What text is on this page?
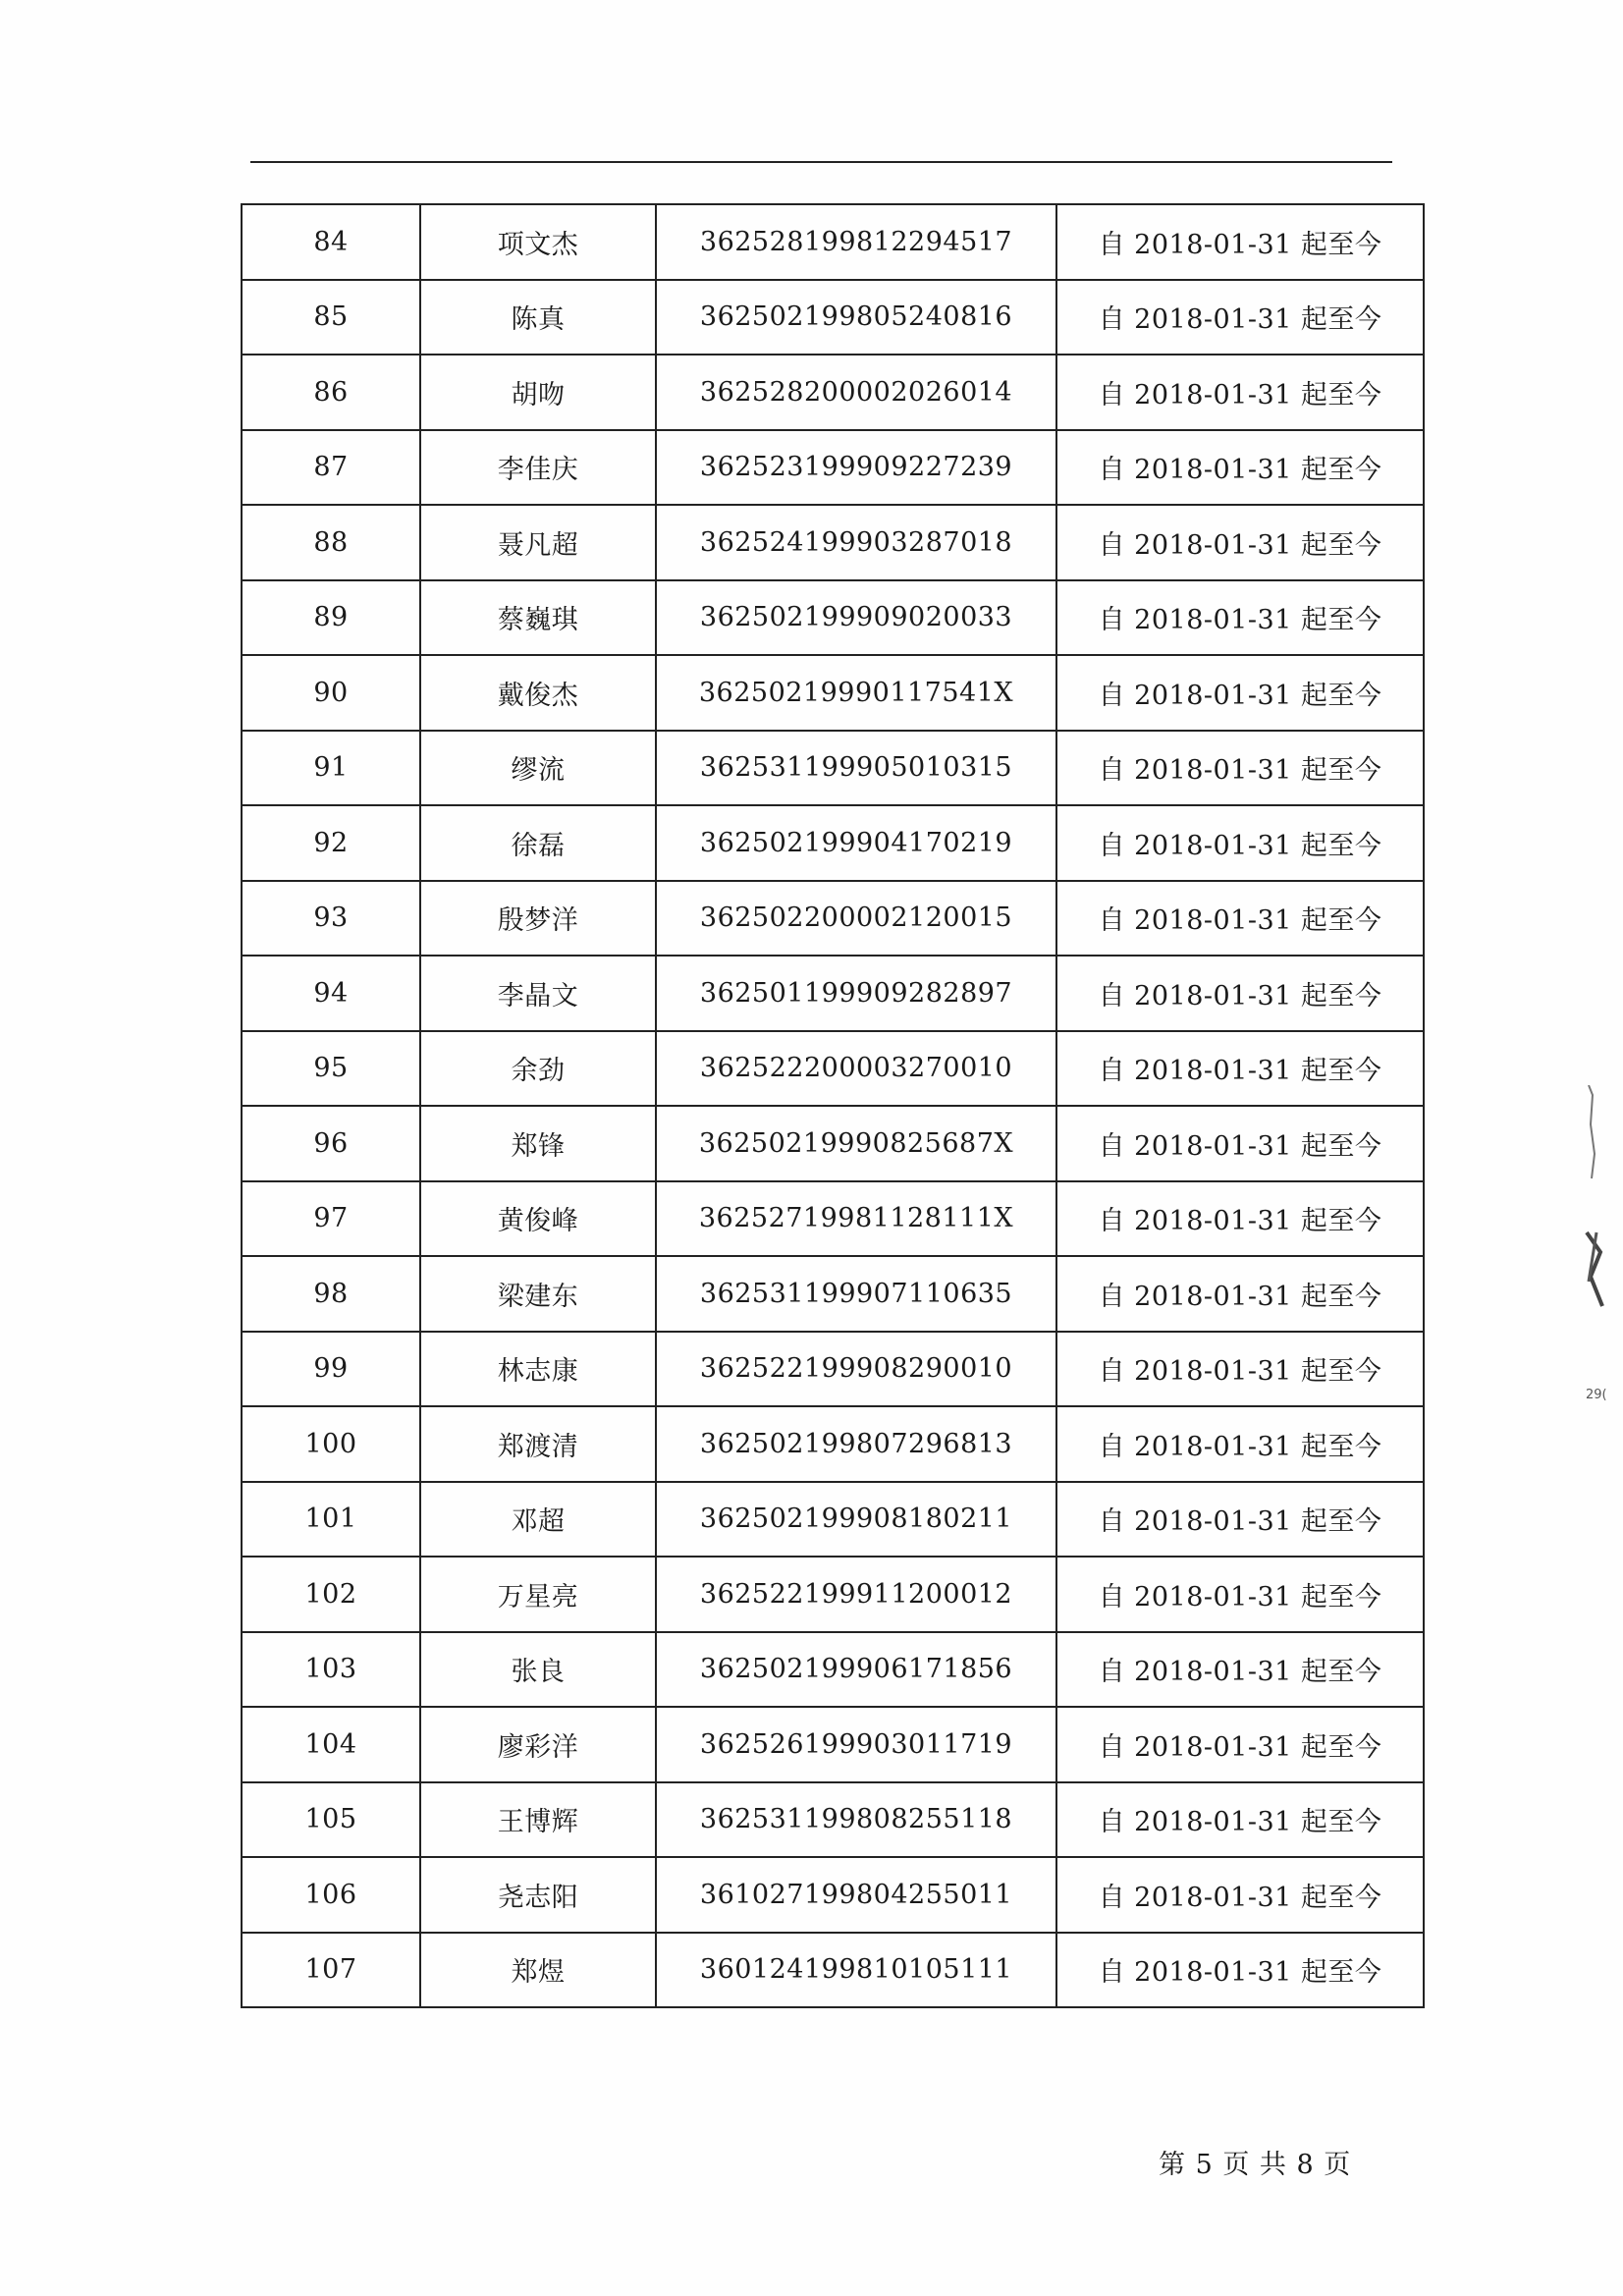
84	项文杰	362528199812294517	自 2018-01-31 起至今
85	陈真	362502199805240816	自 2018-01-31 起至今
86	胡吻	362528200002026014	自 2018-01-31 起至今
87	李佳庆	362523199909227239	自 2018-01-31 起至今
88	聂凡超	362524199903287018	自 2018-01-31 起至今
89	蔡巍琪	362502199909020033	自 2018-01-31 起至今
90	戴俊杰	36250219990117541X	自 2018-01-31 起至今
91	缪流	362531199905010315	自 2018-01-31 起至今
92	徐磊	362502199904170219	自 2018-01-31 起至今
93	殷梦洋	362502200002120015	自 2018-01-31 起至今
94	李晶文	362501199909282897	自 2018-01-31 起至今
95	余劲	362522200003270010	自 2018-01-31 起至今
96	郑锋	36250219990825687X	自 2018-01-31 起至今
97	黄俊峰	36252719981128111X	自 2018-01-31 起至今
98	梁建东	362531199907110635	自 2018-01-31 起至今
99	林志康	362522199908290010	自 2018-01-31 起至今
100	郑渡清	362502199807296813	自 2018-01-31 起至今
101	邓超	362502199908180211	自 2018-01-31 起至今
102	万星亮	362522199911200012	自 2018-01-31 起至今
103	张良	362502199906171856	自 2018-01-31 起至今
104	廖彩洋	362526199903011719	自 2018-01-31 起至今
105	王博辉	362531199808255118	自 2018-01-31 起至今
106	尧志阳	361027199804255011	自 2018-01-31 起至今
107	郑煜	360124199810105111	自 2018-01-31 起至今
第 5 页 共 8 页
29(
